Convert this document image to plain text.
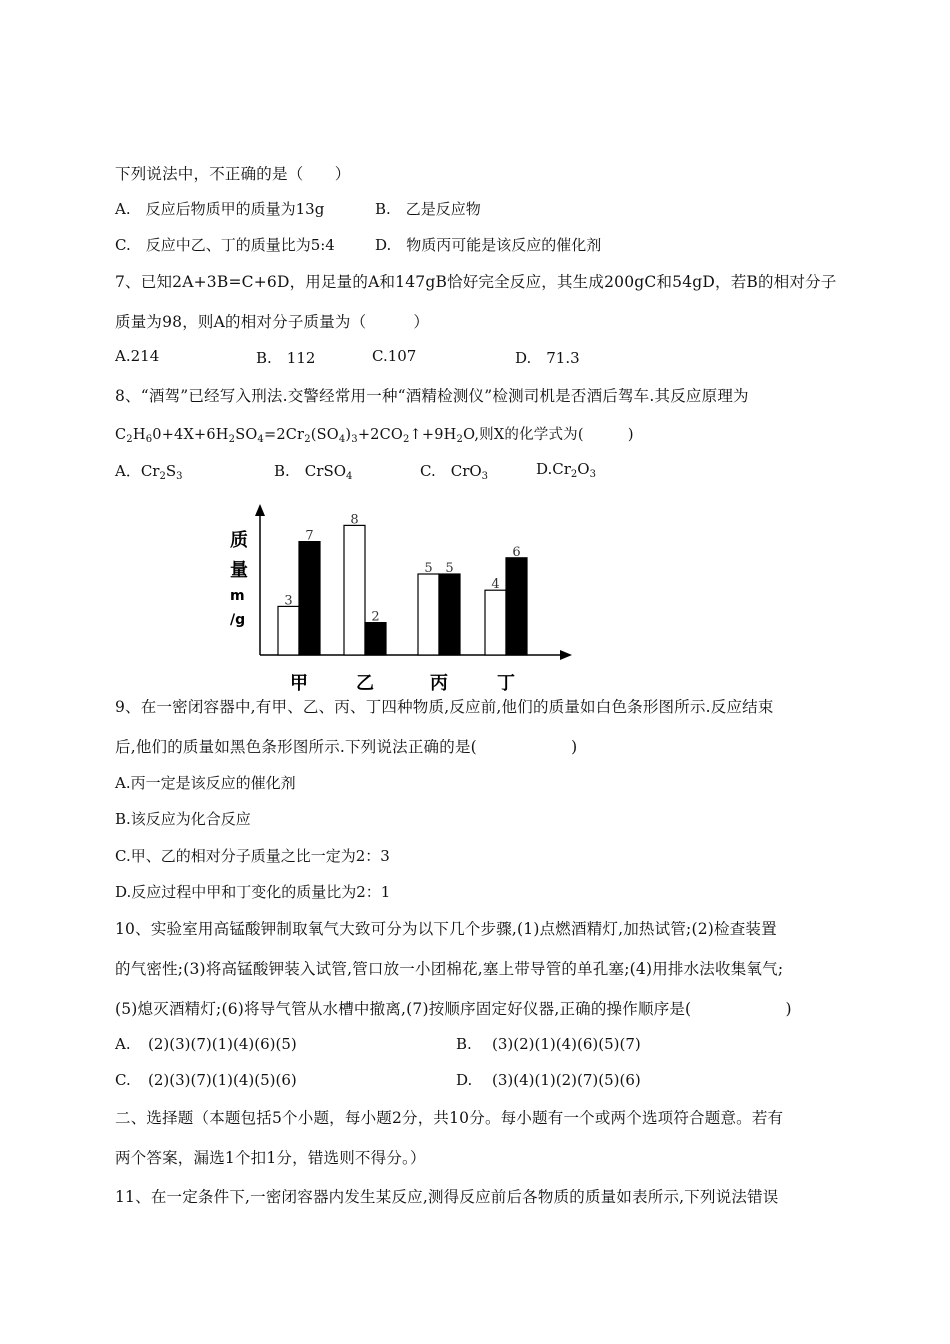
下列说法中，不正确的是（　　）
A.　反应后物质甲的质量为13g	B.　乙是反应物
C.　反应中乙、丁的质量比为5:4	D.　物质丙可能是该反应的催化剂
7、已知2A+3B=C+6D，用足量的A和147gB恰好完全反应，其生成200gC和54gD，若B的相对分子
质量为98，则A的相对分子质量为（　　　）
A.214	B.　112	C.107	D.　71.3
8、“酒驾”已经写入刑法.交警经常用一种“酒精检测仪”检测司机是否酒后驾车.其反应原理为
$C_2H_60+4X+6H_2SO_4=2Cr_2(SO_4)_3+2CO_2↑+9H_2O$,则X的化学式为(　　　)
A．$Cr_2S_3$	B.　CrSO$_4$	C.　CrO$_3$	$D.Cr_2O_3$
质
量
m
/g
3
7
甲
8
2
乙
5 5
丙
4
6
丁
9、在一密闭容器中,有甲、乙、丙、丁四种物质,反应前,他们的质量如白色条形图所示.反应结束
后,他们的质量如黑色条形图所示.下列说法正确的是(　　　　　　)
A.丙一定是该反应的催化剂
B.该反应为化合反应
C.甲、乙的相对分子质量之比一定为2：3
D.反应过程中甲和丁变化的质量比为2：1
10、实验室用高锰酸钾制取氧气大致可分为以下几个步骤,(1)点燃酒精灯,加热试管;(2)检查装置
的气密性;(3)将高锰酸钾装入试管,管口放一小团棉花,塞上带导管的单孔塞;(4)用排水法收集氧气;
(5)熄灭酒精灯;(6)将导气管从水槽中撤离,(7)按顺序固定好仪器,正确的操作顺序是(　　　　　　)
A. (2)(3)(7)(1)(4)(6)(5)	B. (3)(2)(1)(4)(6)(5)(7)
C. (2)(3)(7)(1)(4)(5)(6)	D. (3)(4)(1)(2)(7)(5)(6)
二、选择题（本题包括5个小题，每小题2分，共10分。每小题有一个或两个选项符合题意。若有
两个答案，漏选1个扣1分，错选则不得分。）
11、在一定条件下,一密闭容器内发生某反应,测得反应前后各物质的质量如表所示,下列说法错误
